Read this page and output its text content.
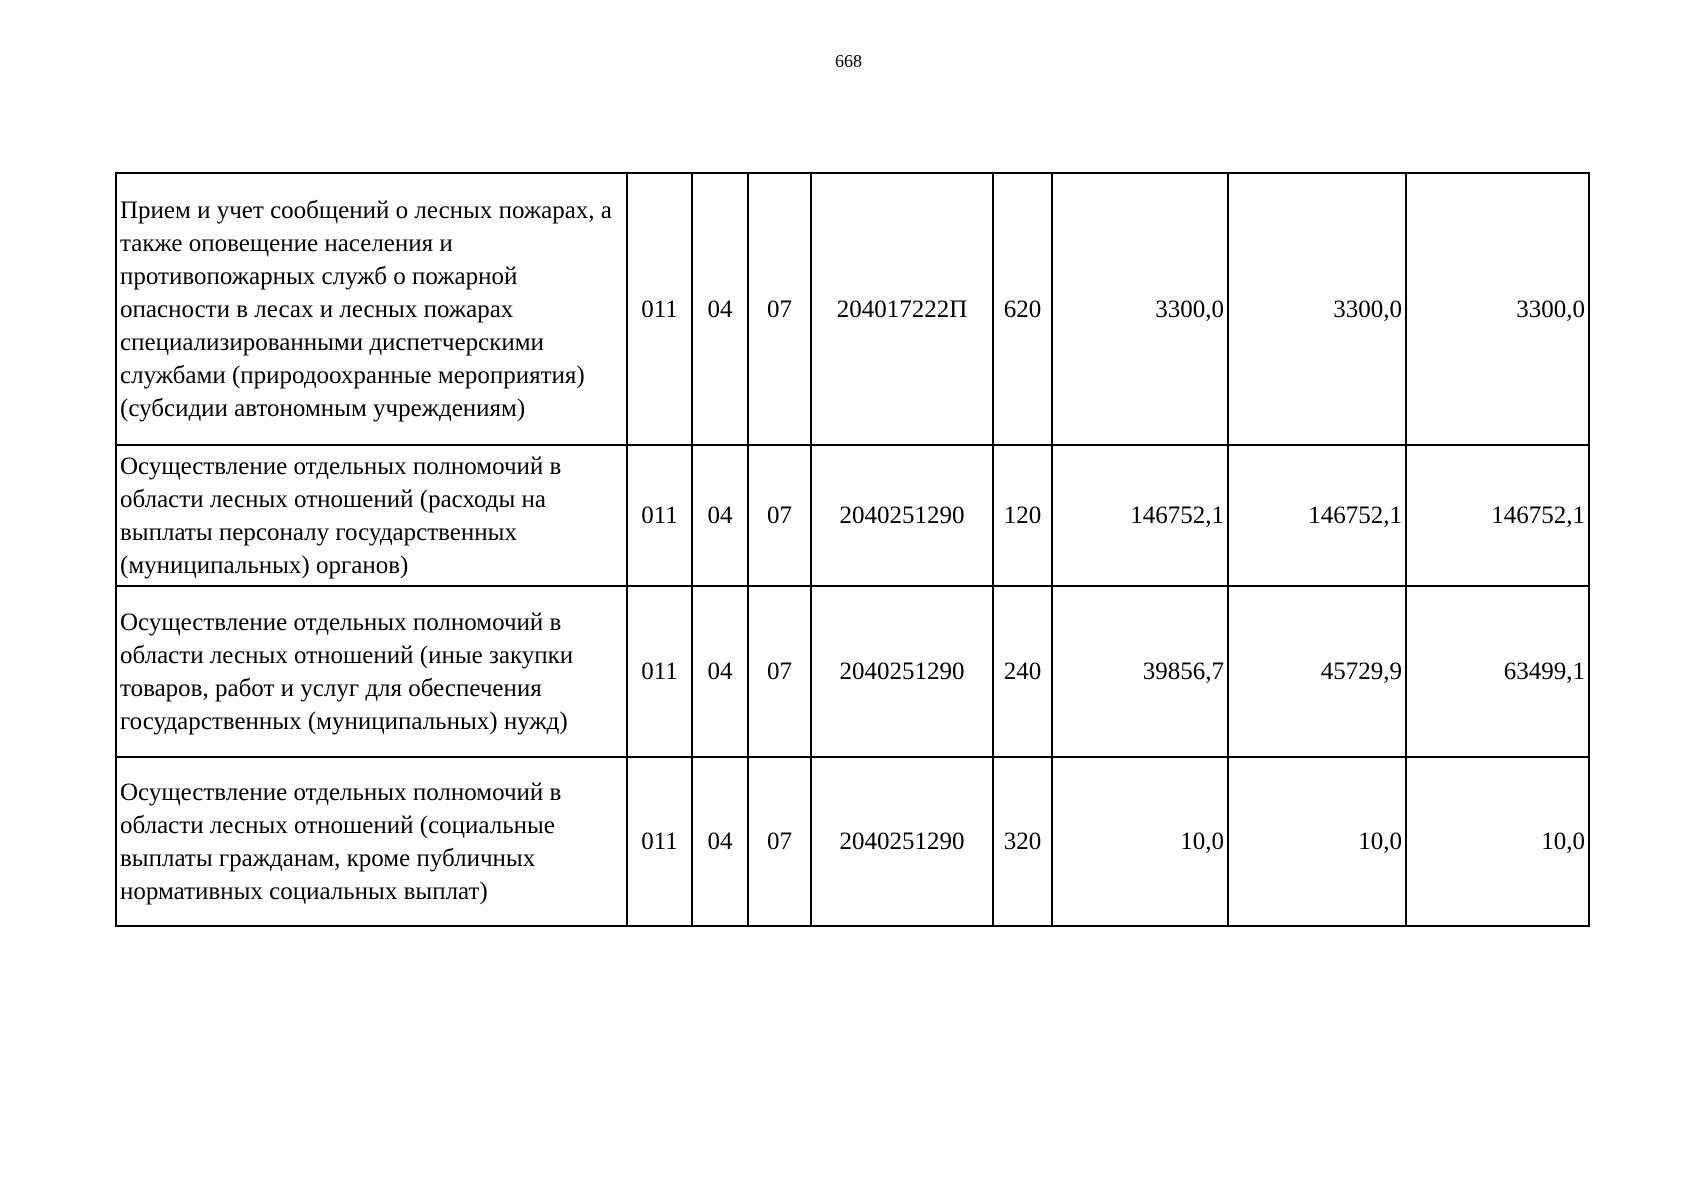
668
Прием и учет сообщений о лесных пожарах, а также оповещение населения и противопожарных служб о пожарной опасности в лесах и лесных пожарах специализированными диспетчерскими службами (природоохранные мероприятия) (субсидии автономным учреждениям)	011	04	07	204017222П	620	3300,0	3300,0	3300,0
Осуществление отдельных полномочий в области лесных отношений (расходы на выплаты персоналу государственных (муниципальных) органов)	011	04	07	2040251290	120	146752,1	146752,1	146752,1
Осуществление отдельных полномочий в области лесных отношений (иные закупки товаров, работ и услуг для обеспечения государственных (муниципальных) нужд)	011	04	07	2040251290	240	39856,7	45729,9	63499,1
Осуществление отдельных полномочий в области лесных отношений (социальные выплаты гражданам, кроме публичных нормативных социальных выплат)	011	04	07	2040251290	320	10,0	10,0	10,0
